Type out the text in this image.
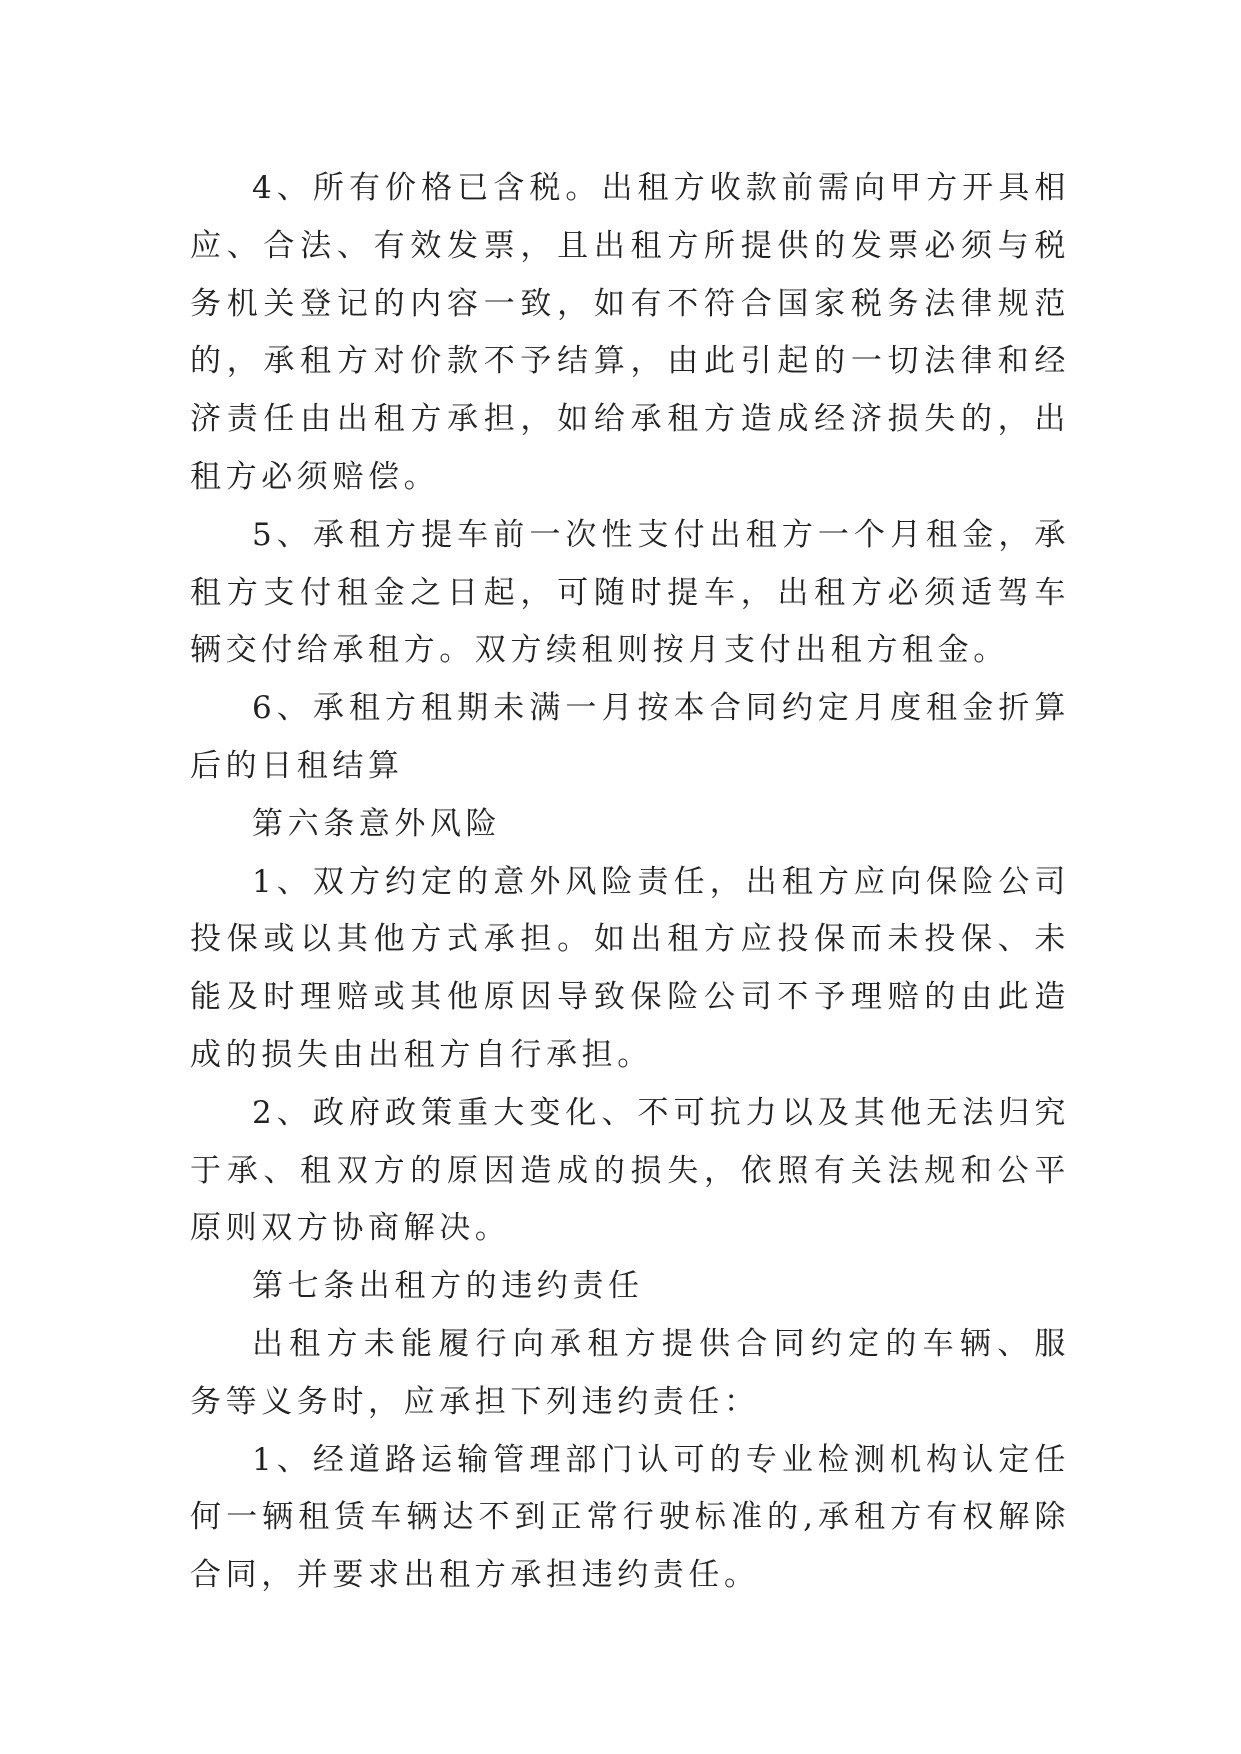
4、所有价格已含税。出租方收款前需向甲方开具相应、合法、有效发票，且出租方所提供的发票必须与税务机关登记的内容一致，如有不符合国家税务法律规范的，承租方对价款不予结算，由此引起的一切法律和经济责任由出租方承担，如给承租方造成经济损失的，出租方必须赔偿。

5、承租方提车前一次性支付出租方一个月租金，承租方支付租金之日起，可随时提车，出租方必须适驾车辆交付给承租方。双方续租则按月支付出租方租金。

6、承租方租期未满一月按本合同约定月度租金折算后的日租结算

第六条意外风险

1、双方约定的意外风险责任，出租方应向保险公司投保或以其他方式承担。如出租方应投保而未投保、未能及时理赔或其他原因导致保险公司不予理赔的由此造成的损失由出租方自行承担。

2、政府政策重大变化、不可抗力以及其他无法归究于承、租双方的原因造成的损失，依照有关法规和公平原则双方协商解决。

第七条出租方的违约责任

出租方未能履行向承租方提供合同约定的车辆、服务等义务时，应承担下列违约责任：

1、经道路运输管理部门认可的专业检测机构认定任何一辆租赁车辆达不到正常行驶标准的,承租方有权解除合同，并要求出租方承担违约责任。
